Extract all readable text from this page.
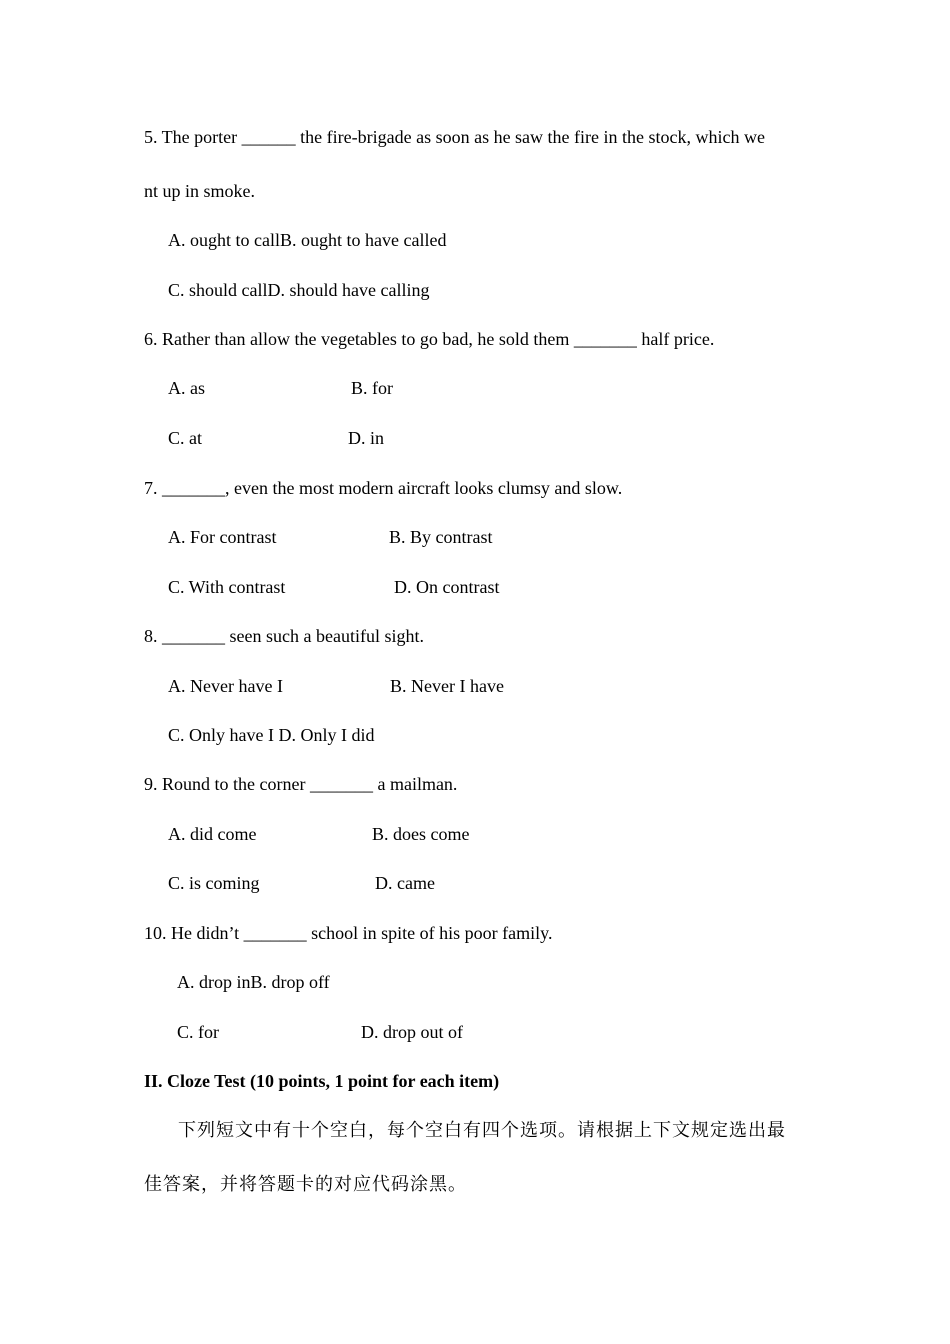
5. The porter ______ the fire-brigade as soon as he saw the fire in the stock, which we
nt up in smoke.
A. ought to callB. ought to have called
C. should callD. should have calling
6. Rather than allow the vegetables to go bad, he sold them _______ half price.
A. as	B. for
C. at	D. in
7. _______, even the most modern aircraft looks clumsy and slow.
A. For contrast	B. By contrast
C. With contrast	D. On contrast
8. _______ seen such a beautiful sight.
A. Never have I	B. Never I have
C. Only have I D. Only I did
9. Round to the corner _______ a mailman.
A. did come	B. does come
C. is coming	D. came
10. He didn’t _______ school in spite of his poor family.
A. drop inB. drop off
C. for	D. drop out of
II. Cloze Test (10 points, 1 point for each item)
下列短文中有十个空白，每个空白有四个选项。请根据上下文规定选出最
佳答案，并将答题卡的对应代码涂黑。
